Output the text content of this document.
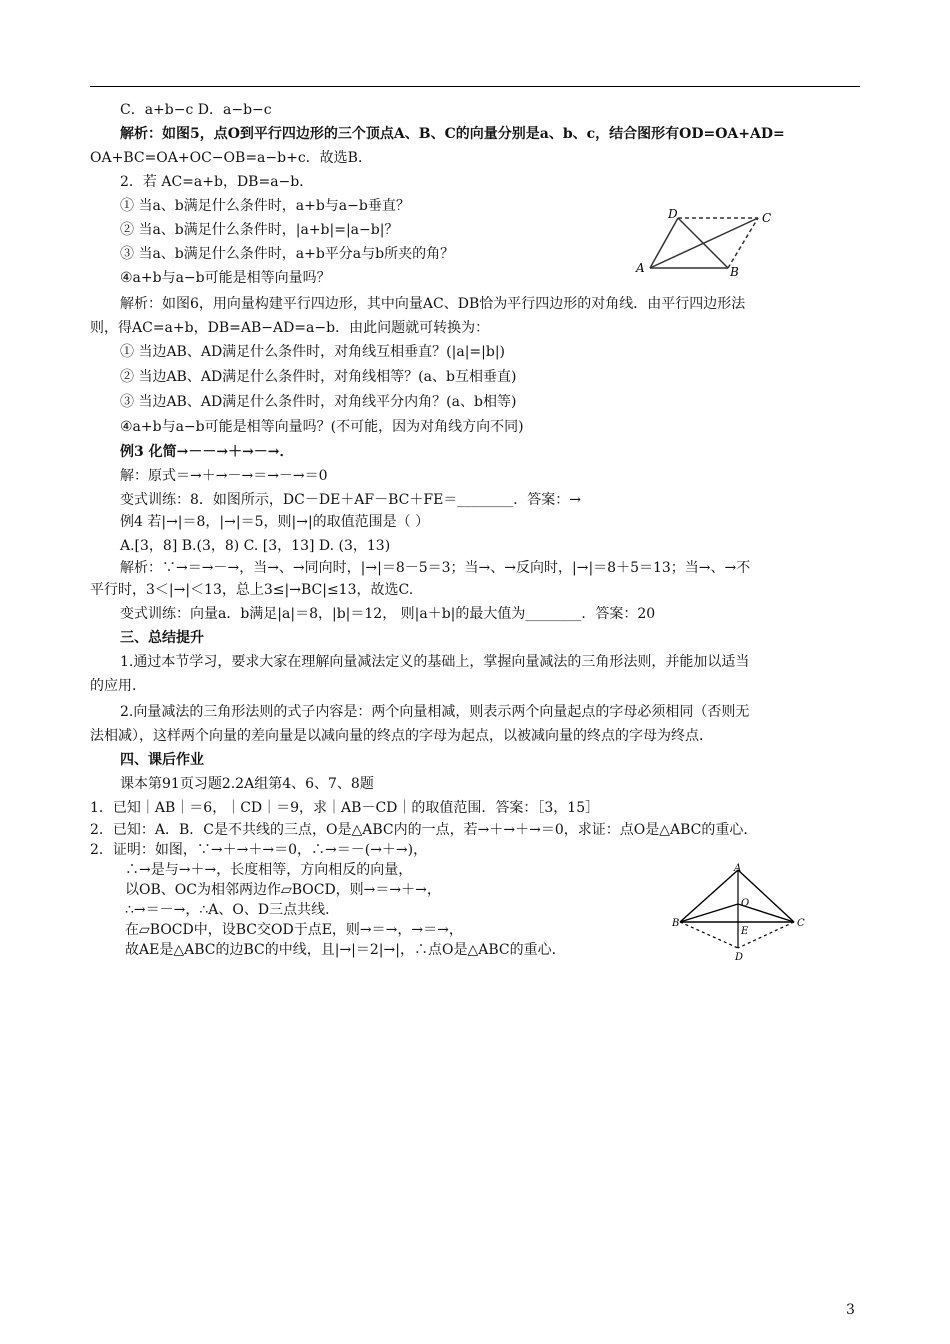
C．a+b−c D．a−b−c
解析：如图5，点O到平行四边形的三个顶点A、B、C的向量分别是a、b、c，结合图形有OD=OA+AD=
OA+BC=OA+OC−OB=a−b+c．故选B．
2．若 AC=a+b，DB=a−b．
① 当a、b满足什么条件时，a+b与a−b垂直？
② 当a、b满足什么条件时，|a+b|=|a−b|？
③ 当a、b满足什么条件时，a+b平分a与b所夹的角？
④a+b与a−b可能是相等向量吗？
解析：如图6，用向量构建平行四边形，其中向量AC、DB恰为平行四边形的对角线．由平行四边形法
则，得AC=a+b，DB=AB−AD=a−b．由此问题就可转换为：
① 当边AB、AD满足什么条件时，对角线互相垂直？(|a|=|b|)
② 当边AB、AD满足什么条件时，对角线相等？(a、b互相垂直)
③ 当边AB、AD满足什么条件时，对角线平分内角？(a、b相等)
④a+b与a−b可能是相等向量吗？(不可能，因为对角线方向不同)
例3 化简→－－→＋→－→．
解：原式＝→＋→－→＝→－→＝0
变式训练：8．如图所示，DC－DE＋AF－BC＋FE＝________．答案：→
例4 若|→|＝8，|→|＝5，则|→|的取值范围是（ ）
A.[3，8] B.(3，8) C. [3，13] D. (3，13)
解析：∵→＝→－→，当→、→同向时，|→|＝8－5＝3；当→、→反向时，|→|＝8＋5＝13；当→、→不
平行时，3＜|→|＜13，总上3≤|→BC|≤13，故选C.
变式训练：向量a．b满足|a|＝8，|b|＝12， 则|a＋b|的最大值为________．答案：20
三、总结提升
1.通过本节学习，要求大家在理解向量减法定义的基础上，掌握向量减法的三角形法则，并能加以适当
的应用．
2.向量减法的三角形法则的式子内容是：两个向量相减，则表示两个向量起点的字母必须相同（否则无
法相减），这样两个向量的差向量是以减向量的终点的字母为起点，以被减向量的终点的字母为终点．
四、课后作业
课本第91页习题2.2A组第4、6、7、8题
1．已知｜AB｜＝6，｜CD｜＝9，求｜AB－CD｜的取值范围．答案：［3，15］
2．已知：A．B．C是不共线的三点，O是△ABC内的一点，若→＋→＋→＝0，求证：点O是△ABC的重心．
2．证明：如图，∵→＋→＋→＝0，∴→＝－(→＋→)，
∴→是与→＋→，长度相等，方向相反的向量，
以OB、OC为相邻两边作▱BOCD，则→＝→＋→，
∴→＝－→，∴A、O、D三点共线．
在▱BOCD中，设BC交OD于点E，则→＝→，→＝→，
故AE是△ABC的边BC的中线，且|→|＝2|→|，∴点O是△ABC的重心．
A	B
C
D
A
B	C
O
E
D
3
